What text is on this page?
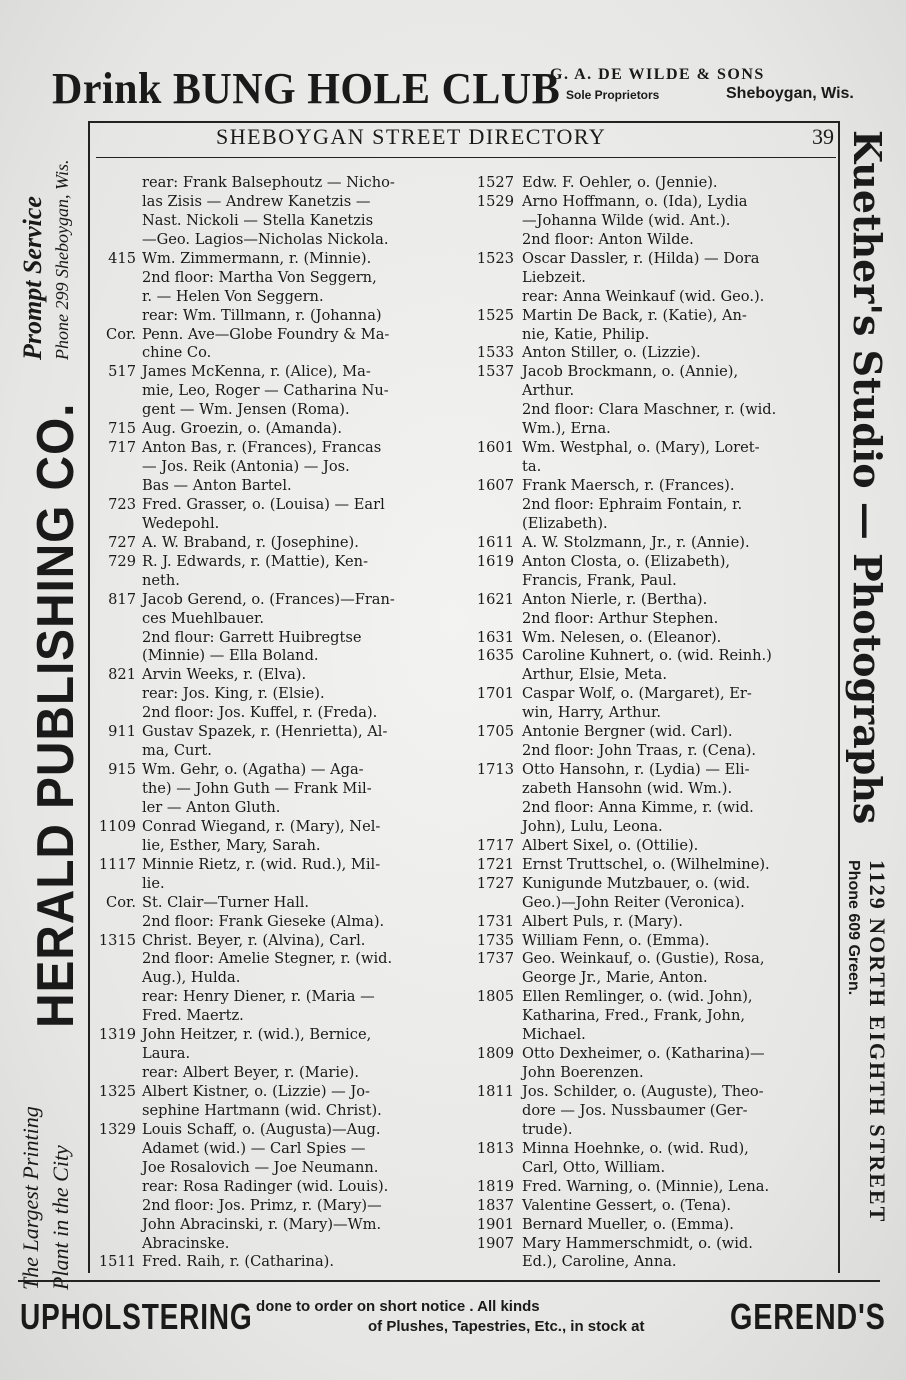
Drink BUNG HOLE CLUB
G. A. DE WILDE & SONS
Sole Proprietors	Sheboygan, Wis.
SHEBOYGAN STREET DIRECTORY	39
The Largest Printing Plant in the City
HERALD PUBLISHING CO.
Prompt Service Phone 299 Sheboygan, Wis.	Kuether's Studio — Photographs
1129 NORTH EIGHTH STREET
Phone 609 Green.
rear: Frank Balsephoutz — Nicho-
las Zisis — Andrew Kanetzis —
Nast. Nickoli — Stella Kanetzis
—Geo. Lagios—Nicholas Nickola.
415 Wm. Zimmermann, r. (Minnie).
2nd floor: Martha Von Seggern,
r. — Helen Von Seggern.
rear: Wm. Tillmann, r. (Johanna)
Cor. Penn. Ave—Globe Foundry & Ma-
chine Co.
517 James McKenna, r. (Alice), Ma-
mie, Leo, Roger — Catharina Nu-
gent — Wm. Jensen (Roma).
715 Aug. Groezin, o. (Amanda).
717 Anton Bas, r. (Frances), Francas
— Jos. Reik (Antonia) — Jos.
Bas — Anton Bartel.
723 Fred. Grasser, o. (Louisa) — Earl
Wedepohl.
727 A. W. Braband, r. (Josephine).
729 R. J. Edwards, r. (Mattie), Ken-
neth.
817 Jacob Gerend, o. (Frances)—Fran-
ces Muehlbauer.
2nd flour: Garrett Huibregtse
(Minnie) — Ella Boland.
821 Arvin Weeks, r. (Elva).
rear: Jos. King, r. (Elsie).
2nd floor: Jos. Kuffel, r. (Freda).
911 Gustav Spazek, r. (Henrietta), Al-
ma, Curt.
915 Wm. Gehr, o. (Agatha) — Aga-
the) — John Guth — Frank Mil-
ler — Anton Gluth.
1109 Conrad Wiegand, r. (Mary), Nel-
lie, Esther, Mary, Sarah.
1117 Minnie Rietz, r. (wid. Rud.), Mil-
lie.
Cor. St. Clair—Turner Hall.
2nd floor: Frank Gieseke (Alma).
1315 Christ. Beyer, r. (Alvina), Carl.
2nd floor: Amelie Stegner, r. (wid.
Aug.), Hulda.
rear: Henry Diener, r. (Maria —
Fred. Maertz.
1319 John Heitzer, r. (wid.), Bernice,
Laura.
rear: Albert Beyer, r. (Marie).
1325 Albert Kistner, o. (Lizzie) — Jo-
sephine Hartmann (wid. Christ).
1329 Louis Schaff, o. (Augusta)—Aug.
Adamet (wid.) — Carl Spies —
Joe Rosalovich — Joe Neumann.
rear: Rosa Radinger (wid. Louis).
2nd floor: Jos. Primz, r. (Mary)—
John Abracinski, r. (Mary)—Wm.
Abracinske.
1511 Fred. Raih, r. (Catharina).
1527 Edw. F. Oehler, o. (Jennie).
1529 Arno Hoffmann, o. (Ida), Lydia
—Johanna Wilde (wid. Ant.).
2nd floor: Anton Wilde.
1523 Oscar Dassler, r. (Hilda) — Dora
Liebzeit.
rear: Anna Weinkauf (wid. Geo.).
1525 Martin De Back, r. (Katie), An-
nie, Katie, Philip.
1533 Anton Stiller, o. (Lizzie).
1537 Jacob Brockmann, o. (Annie),
Arthur.
2nd floor: Clara Maschner, r. (wid.
Wm.), Erna.
1601 Wm. Westphal, o. (Mary), Loret-
ta.
1607 Frank Maersch, r. (Frances).
2nd floor: Ephraim Fontain, r.
(Elizabeth).
1611 A. W. Stolzmann, Jr., r. (Annie).
1619 Anton Closta, o. (Elizabeth),
Francis, Frank, Paul.
1621 Anton Nierle, r. (Bertha).
2nd floor: Arthur Stephen.
1631 Wm. Nelesen, o. (Eleanor).
1635 Caroline Kuhnert, o. (wid. Reinh.)
Arthur, Elsie, Meta.
1701 Caspar Wolf, o. (Margaret), Er-
win, Harry, Arthur.
1705 Antonie Bergner (wid. Carl).
2nd floor: John Traas, r. (Cena).
1713 Otto Hansohn, r. (Lydia) — Eli-
zabeth Hansohn (wid. Wm.).
2nd floor: Anna Kimme, r. (wid.
John), Lulu, Leona.
1717 Albert Sixel, o. (Ottilie).
1721 Ernst Truttschel, o. (Wilhelmine).
1727 Kunigunde Mutzbauer, o. (wid.
Geo.)—John Reiter (Veronica).
1731 Albert Puls, r. (Mary).
1735 William Fenn, o. (Emma).
1737 Geo. Weinkauf, o. (Gustie), Rosa,
George Jr., Marie, Anton.
1805 Ellen Remlinger, o. (wid. John),
Katharina, Fred., Frank, John,
Michael.
1809 Otto Dexheimer, o. (Katharina)—
John Boerenzen.
1811 Jos. Schilder, o. (Auguste), Theo-
dore — Jos. Nussbaumer (Ger-
trude).
1813 Minna Hoehnke, o. (wid. Rud),
Carl, Otto, William.
1819 Fred. Warning, o. (Minnie), Lena.
1837 Valentine Gessert, o. (Tena).
1901 Bernard Mueller, o. (Emma).
1907 Mary Hammerschmidt, o. (wid.
Ed.), Caroline, Anna.
UPHOLSTERING done to order on short notice . All kinds
of Plushes, Tapestries, Etc., in stock at GEREND'S
